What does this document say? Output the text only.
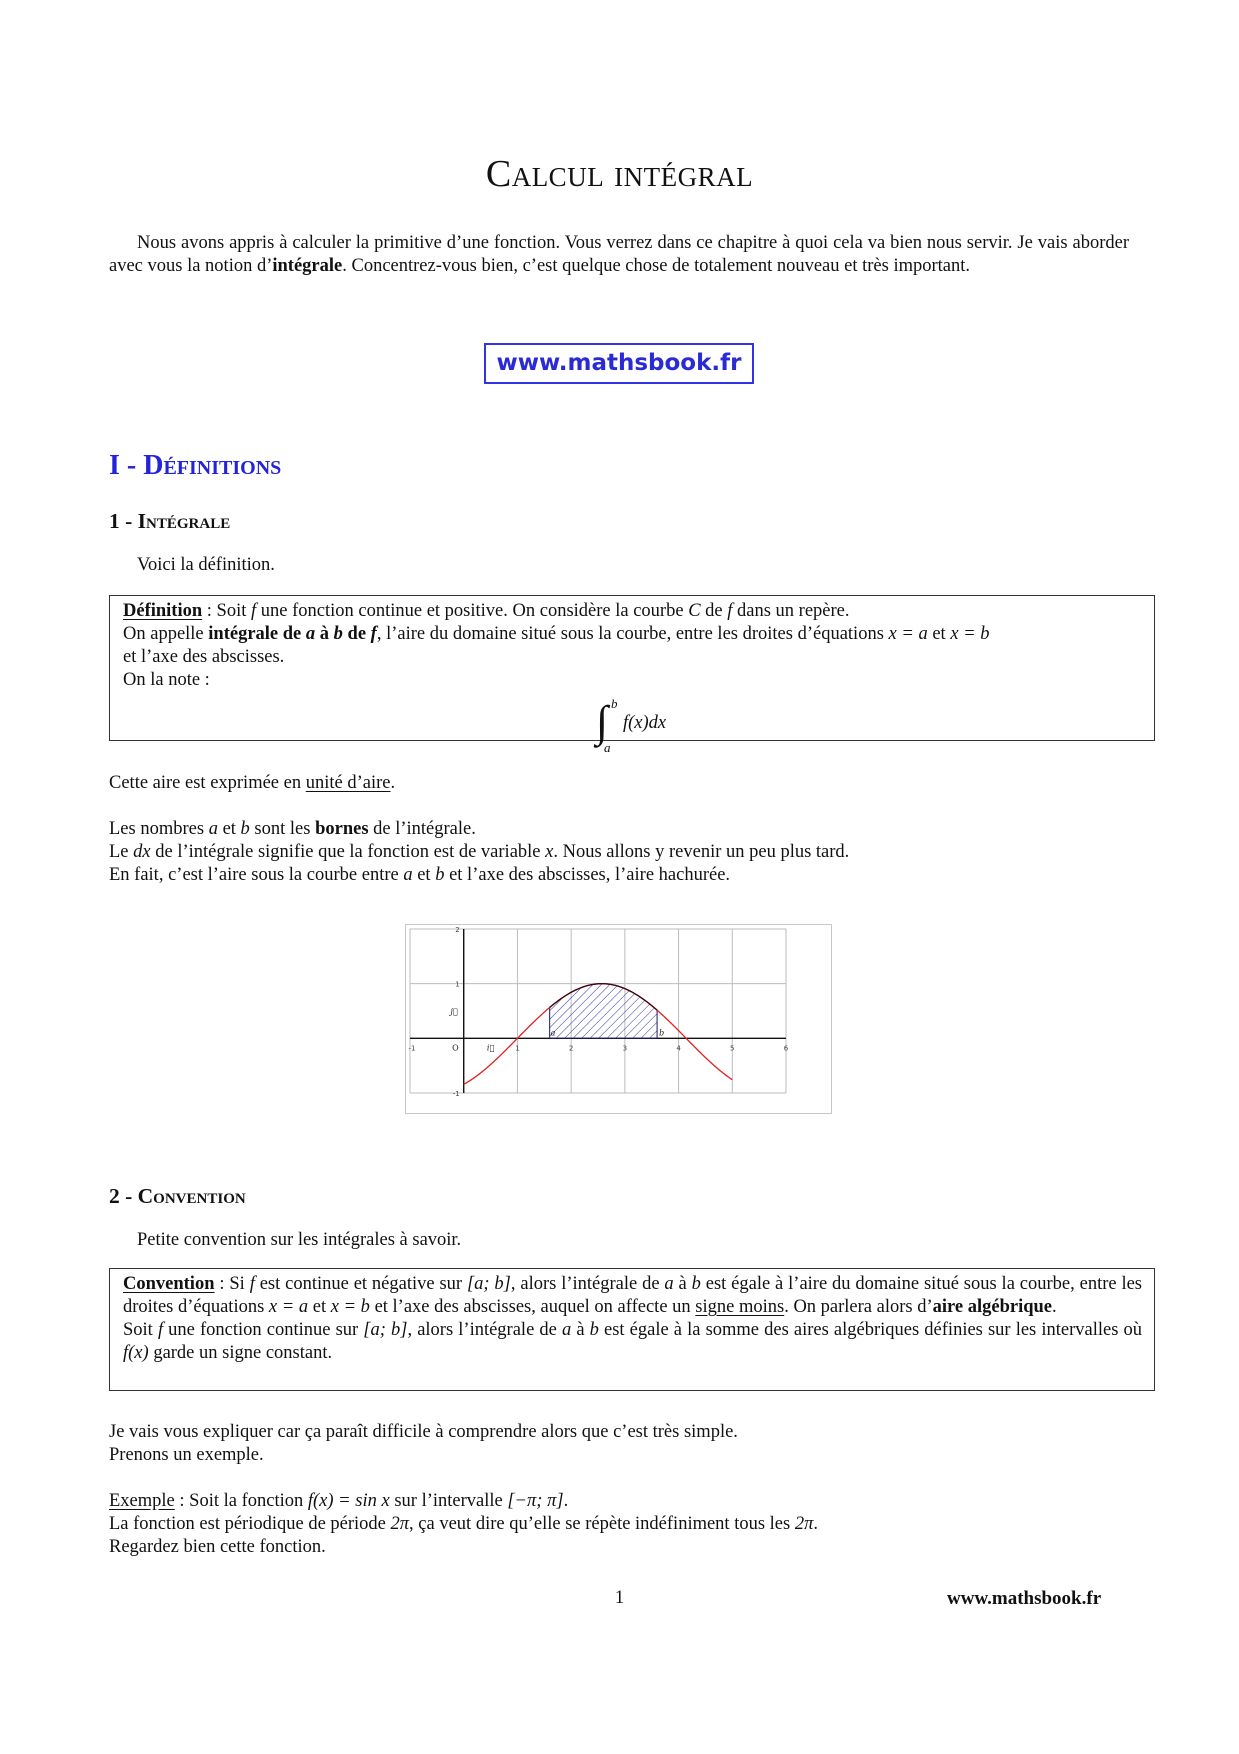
Calcul intégral
Nous avons appris à calculer la primitive d’une fonction. Vous verrez dans ce chapitre à quoi cela va bien nous servir. Je vais aborder avec vous la notion d’intégrale. Concentrez-vous bien, c’est quelque chose de totalement nouveau et très important.
www.mathsbook.fr
I - Définitions
1 - Intégrale
Voici la définition.
Définition : Soit f une fonction continue et positive. On considère la courbe C de f dans un repère.
On appelle intégrale de a à b de f, l’aire du domaine situé sous la courbe, entre les droites d’équations x = a et x = b
et l’axe des abscisses.
On la note :
∫ b
a
f(x)dx
Cette aire est exprimée en unité d’aire.
Les nombres a et b sont les bornes de l’intégrale.
Le dx de l’intégrale signifie que la fonction est de variable x. Nous allons y revenir un peu plus tard.
En fait, c’est l’aire sous la courbe entre a et b et l’axe des abscisses, l’aire hachurée.
-1	1	2	3	4	5	6
-1
1
2
O	i⃗
j⃗
a	b
2 - Convention
Petite convention sur les intégrales à savoir.
Convention : Si f est continue et négative sur [a; b], alors l’intégrale de a à b est égale à l’aire du domaine situé sous la courbe, entre les droites d’équations x = a et x = b et l’axe des abscisses, auquel on affecte un signe moins. On parlera alors d’aire algébrique.
Soit f une fonction continue sur [a; b], alors l’intégrale de a à b est égale à la somme des aires algébriques définies sur les intervalles où f(x) garde un signe constant.
Je vais vous expliquer car ça paraît difficile à comprendre alors que c’est très simple.
Prenons un exemple.
Exemple : Soit la fonction f(x) = sin x sur l’intervalle [−π; π].
La fonction est périodique de période 2π, ça veut dire qu’elle se répète indéfiniment tous les 2π.
Regardez bien cette fonction.
1	www.mathsbook.fr
